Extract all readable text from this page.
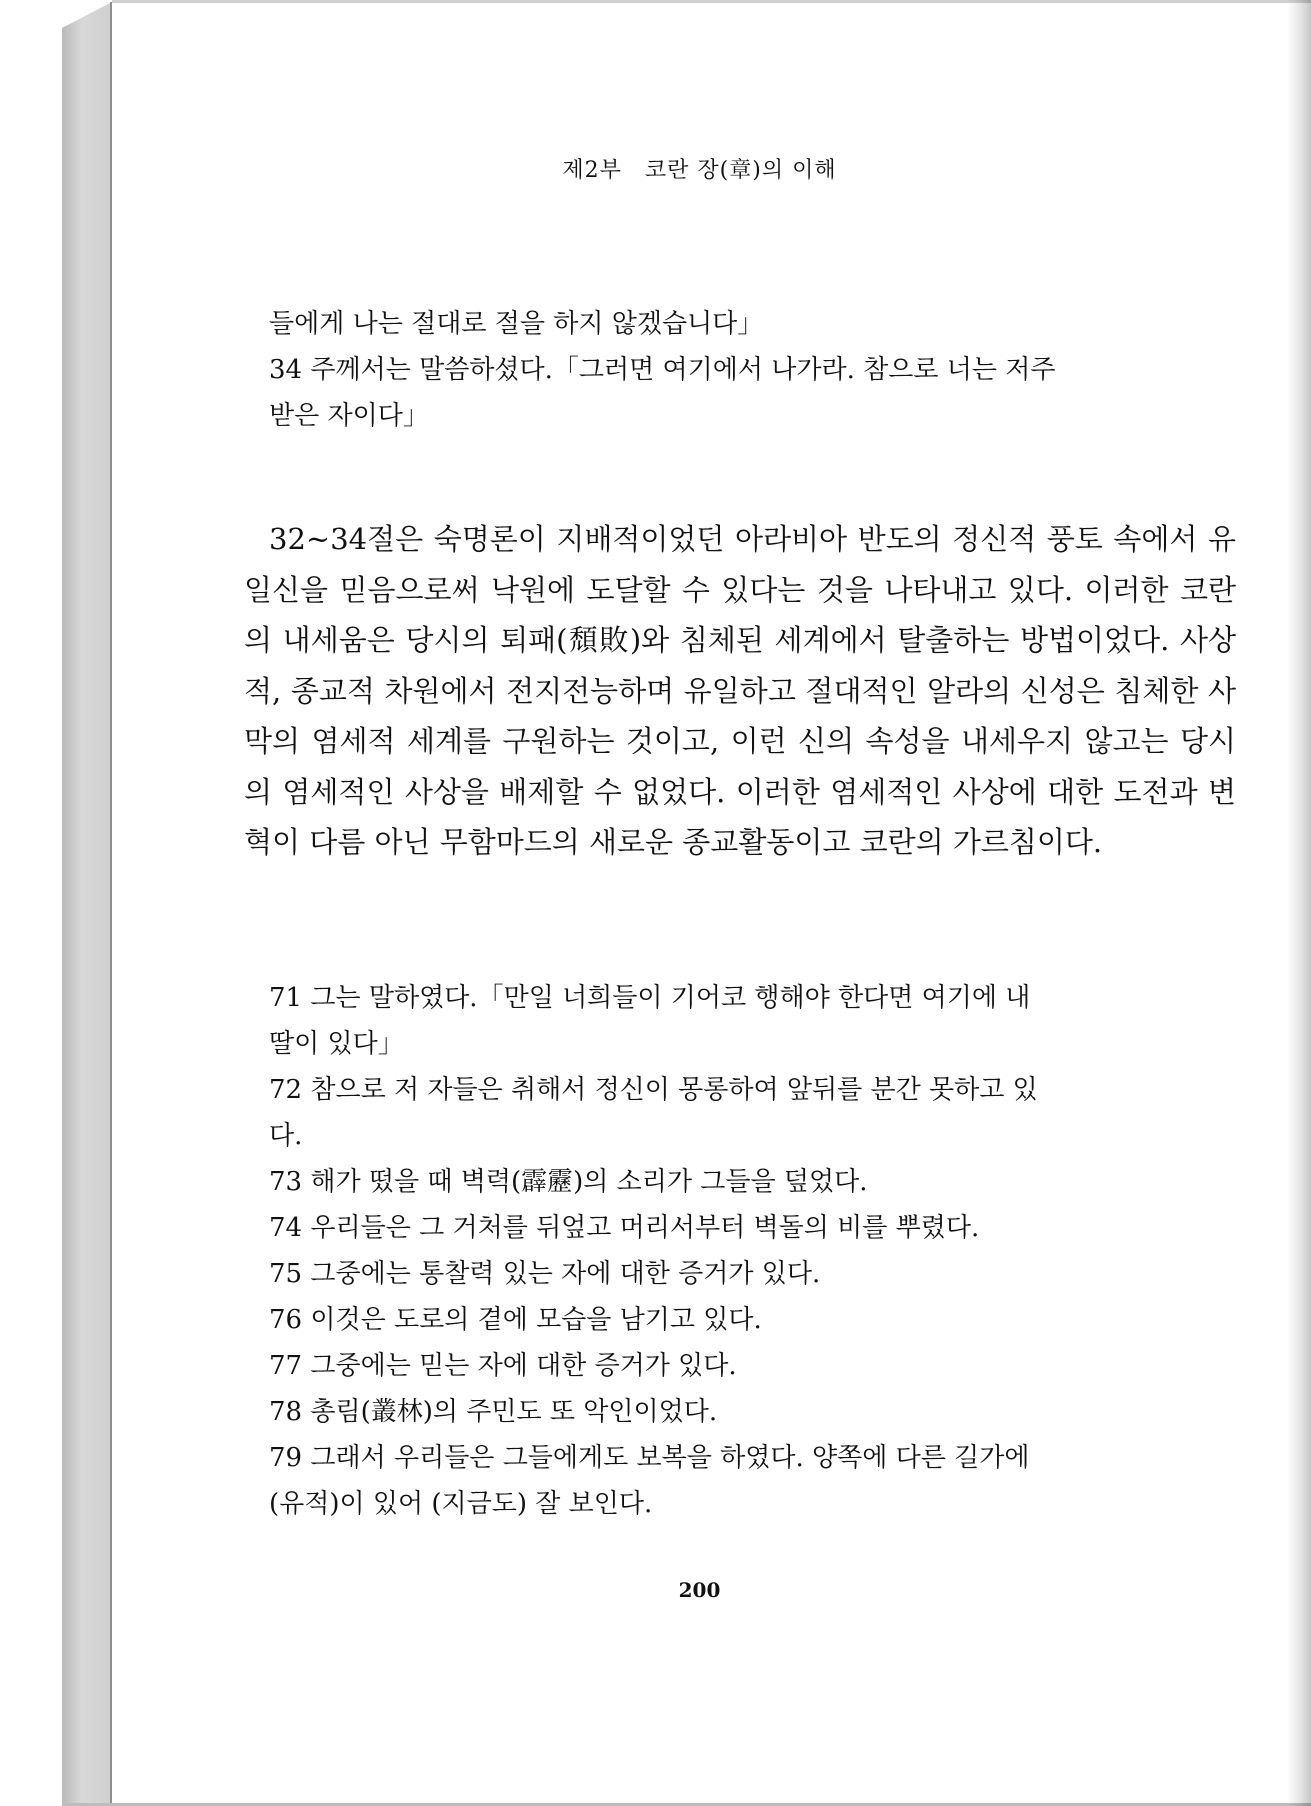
제2부　코란 장(章)의 이해

들에게 나는 절대로 절을 하지 않겠습니다」

34 주께서는 말씀하셨다.「그러면 여기에서 나가라. 참으로 너는 저주

받은 자이다」

32~34절은 숙명론이 지배적이었던 아라비아 반도의 정신적 풍토 속에서 유일신을 믿음으로써 낙원에 도달할 수 있다는 것을 나타내고 있다. 이러한 코란의 내세움은 당시의 퇴패(頹敗)와 침체된 세계에서 탈출하는 방법이었다. 사상적, 종교적 차원에서 전지전능하며 유일하고 절대적인 알라의 신성은 침체한 사막의 염세적 세계를 구원하는 것이고, 이런 신의 속성을 내세우지 않고는 당시의 염세적인 사상을 배제할 수 없었다. 이러한 염세적인 사상에 대한 도전과 변혁이 다름 아닌 무함마드의 새로운 종교활동이고 코란의 가르침이다.

71 그는 말하였다.「만일 너희들이 기어코 행해야 한다면 여기에 내

딸이 있다」

72 참으로 저 자들은 취해서 정신이 몽롱하여 앞뒤를 분간 못하고 있

다.

73 해가 떴을 때 벽력(霹靂)의 소리가 그들을 덮었다.

74 우리들은 그 거처를 뒤엎고 머리서부터 벽돌의 비를 뿌렸다.

75 그중에는 통찰력 있는 자에 대한 증거가 있다.

76 이것은 도로의 곁에 모습을 남기고 있다.

77 그중에는 믿는 자에 대한 증거가 있다.

78 총림(叢林)의 주민도 또 악인이었다.

79 그래서 우리들은 그들에게도 보복을 하였다. 양쪽에 다른 길가에

(유적)이 있어 (지금도) 잘 보인다.

200
